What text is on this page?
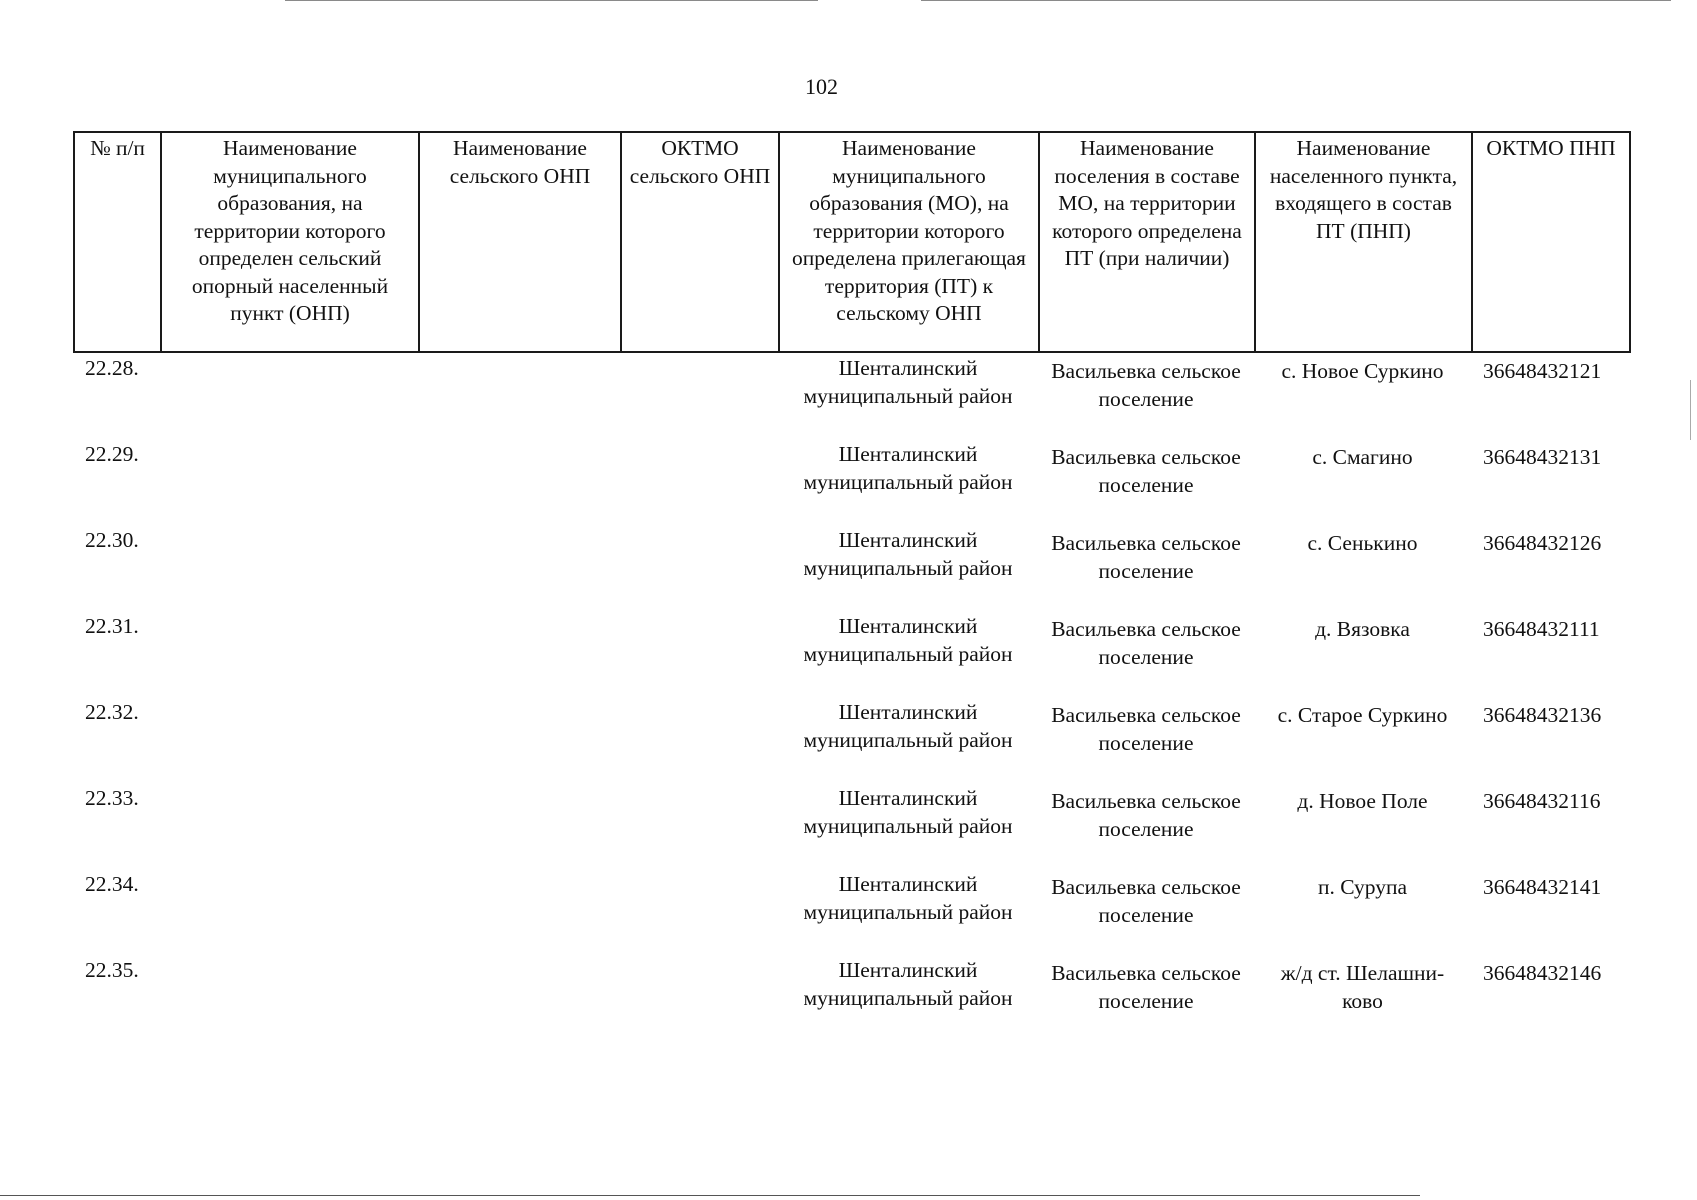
102
№ п/п	Наименование муниципального образования, на территории которого определен сельский опорный населенный пункт (ОНП)	Наименование сельского ОНП	ОКТМО сельского ОНП	Наименование муниципального образования (МО), на территории которого определена прилегающая территория (ПТ) к сельскому ОНП	Наименование поселения в составе МО, на территории которого определена ПТ (при наличии)	Наименование населенного пункта, входящего в состав ПТ (ПНП)	ОКТМО ПНП
22.28.				Шенталинский муниципальный район	Васильевка сельское поселение	с. Новое Суркино	36648432121
22.29.				Шенталинский муниципальный район	Васильевка сельское поселение	с. Смагино	36648432131
22.30.				Шенталинский муниципальный район	Васильевка сельское поселение	с. Сенькино	36648432126
22.31.				Шенталинский муниципальный район	Васильевка сельское поселение	д. Вязовка	36648432111
22.32.				Шенталинский муниципальный район	Васильевка сельское поселение	с. Старое Суркино	36648432136
22.33.				Шенталинский муниципальный район	Васильевка сельское поселение	д. Новое Поле	36648432116
22.34.				Шенталинский муниципальный район	Васильевка сельское поселение	п. Сурупа	36648432141
22.35.				Шенталинский муниципальный район	Васильевка сельское поселение	ж/д ст. Шелашни- ково	36648432146
